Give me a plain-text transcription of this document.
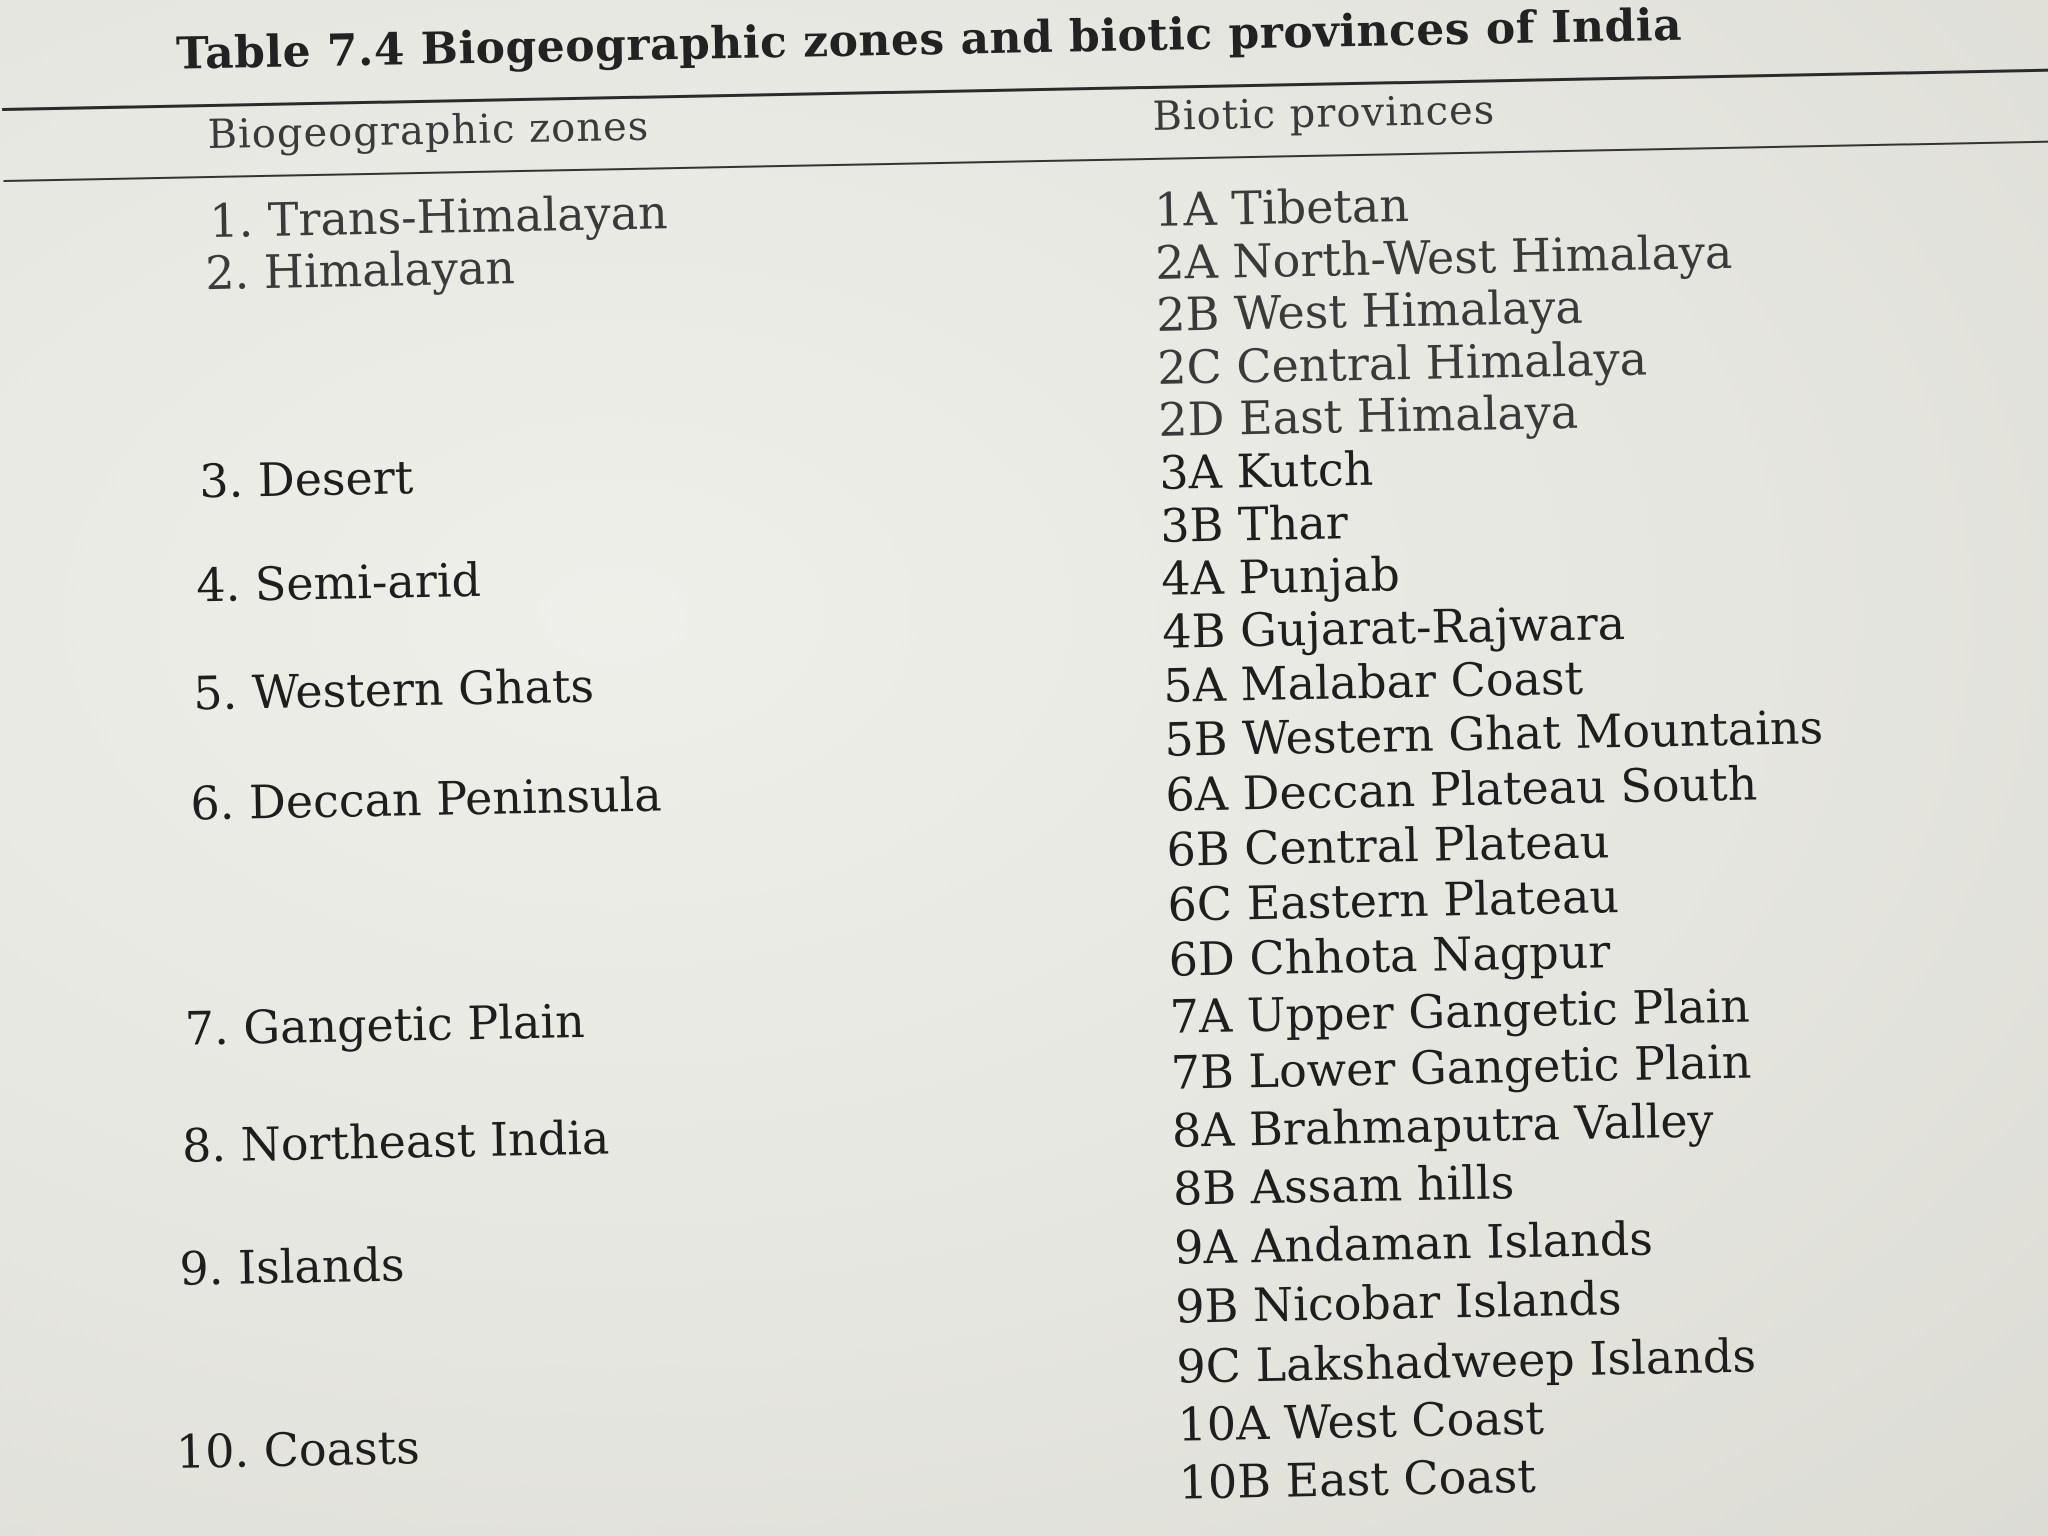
Table 7.4 Biogeographic zones and biotic provinces of India
Biogeographic zones	Biotic provinces
1. Trans-Himalayan
2. Himalayan
3. Desert
4. Semi-arid
5. Western Ghats
6. Deccan Peninsula
7. Gangetic Plain
8. Northeast India
9. Islands
10. Coasts
1A Tibetan
2A North-West Himalaya
2B West Himalaya
2C Central Himalaya
2D East Himalaya
3A Kutch
3B Thar
4A Punjab
4B Gujarat-Rajwara
5A Malabar Coast
5B Western Ghat Mountains
6A Deccan Plateau South
6B Central Plateau
6C Eastern Plateau
6D Chhota Nagpur
7A Upper Gangetic Plain
7B Lower Gangetic Plain
8A Brahmaputra Valley
8B Assam hills
9A Andaman Islands
9B Nicobar Islands
9C Lakshadweep Islands
10A West Coast
10B East Coast
